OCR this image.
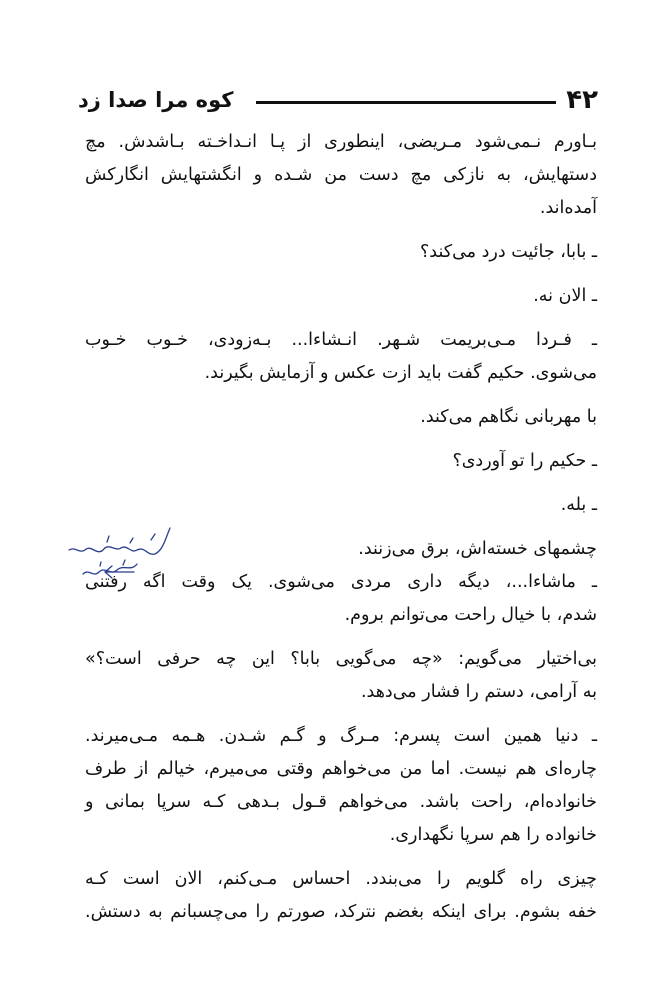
۴۲
کوه مرا صدا زد
بـاورم نـمی‌شود مـریضی، اینطوری از پـا انـداخـته بـاشدش. مچ
دستهایش، به نازکی مچ دست من شـده و انگشتهایش انگارکش
آمده‌اند.
ـ بابا، جائیت درد می‌کند؟
ـ الان نه.
ـ فـردا مـی‌بریمت شـهر. انـشاءا... بـه‌زودی، خـوب خـوب
می‌شوی. حکیم گفت باید ازت عکس و آزمایش بگیرند.
با مهربانی نگاهم می‌کند.
ـ حکیم را تو آوردی؟
ـ بله.
چشمهای خسته‌اش، برق می‌زنند.
ـ ماشاءا...، دیگه داری مردی می‌شوی. یک وقت اگه رفتنی
شدم، با خیال راحت می‌توانم بروم.
بی‌اختیار می‌گویم: «چه می‌گویی بابا؟ این چه حرفی است؟»
به آرامی، دستم را فشار می‌دهد.
ـ دنیا همین است پسرم: مـرگ و گـم شـدن. هـمه مـی‌میرند.
چاره‌ای هم نیست. اما من می‌خواهم وقتی می‌میرم، خیالم از طرف
خانواده‌ام، راحت باشد. می‌خواهم قـول بـدهی کـه سرپا بمانی و
خانواده را هم سرپا نگهداری.
چیزی راه گلویم را می‌بندد. احساس مـی‌کنم، الان است کـه
خفه بشوم. برای اینکه بغضم نترکد، صورتم را می‌چسبانم به دستش.
